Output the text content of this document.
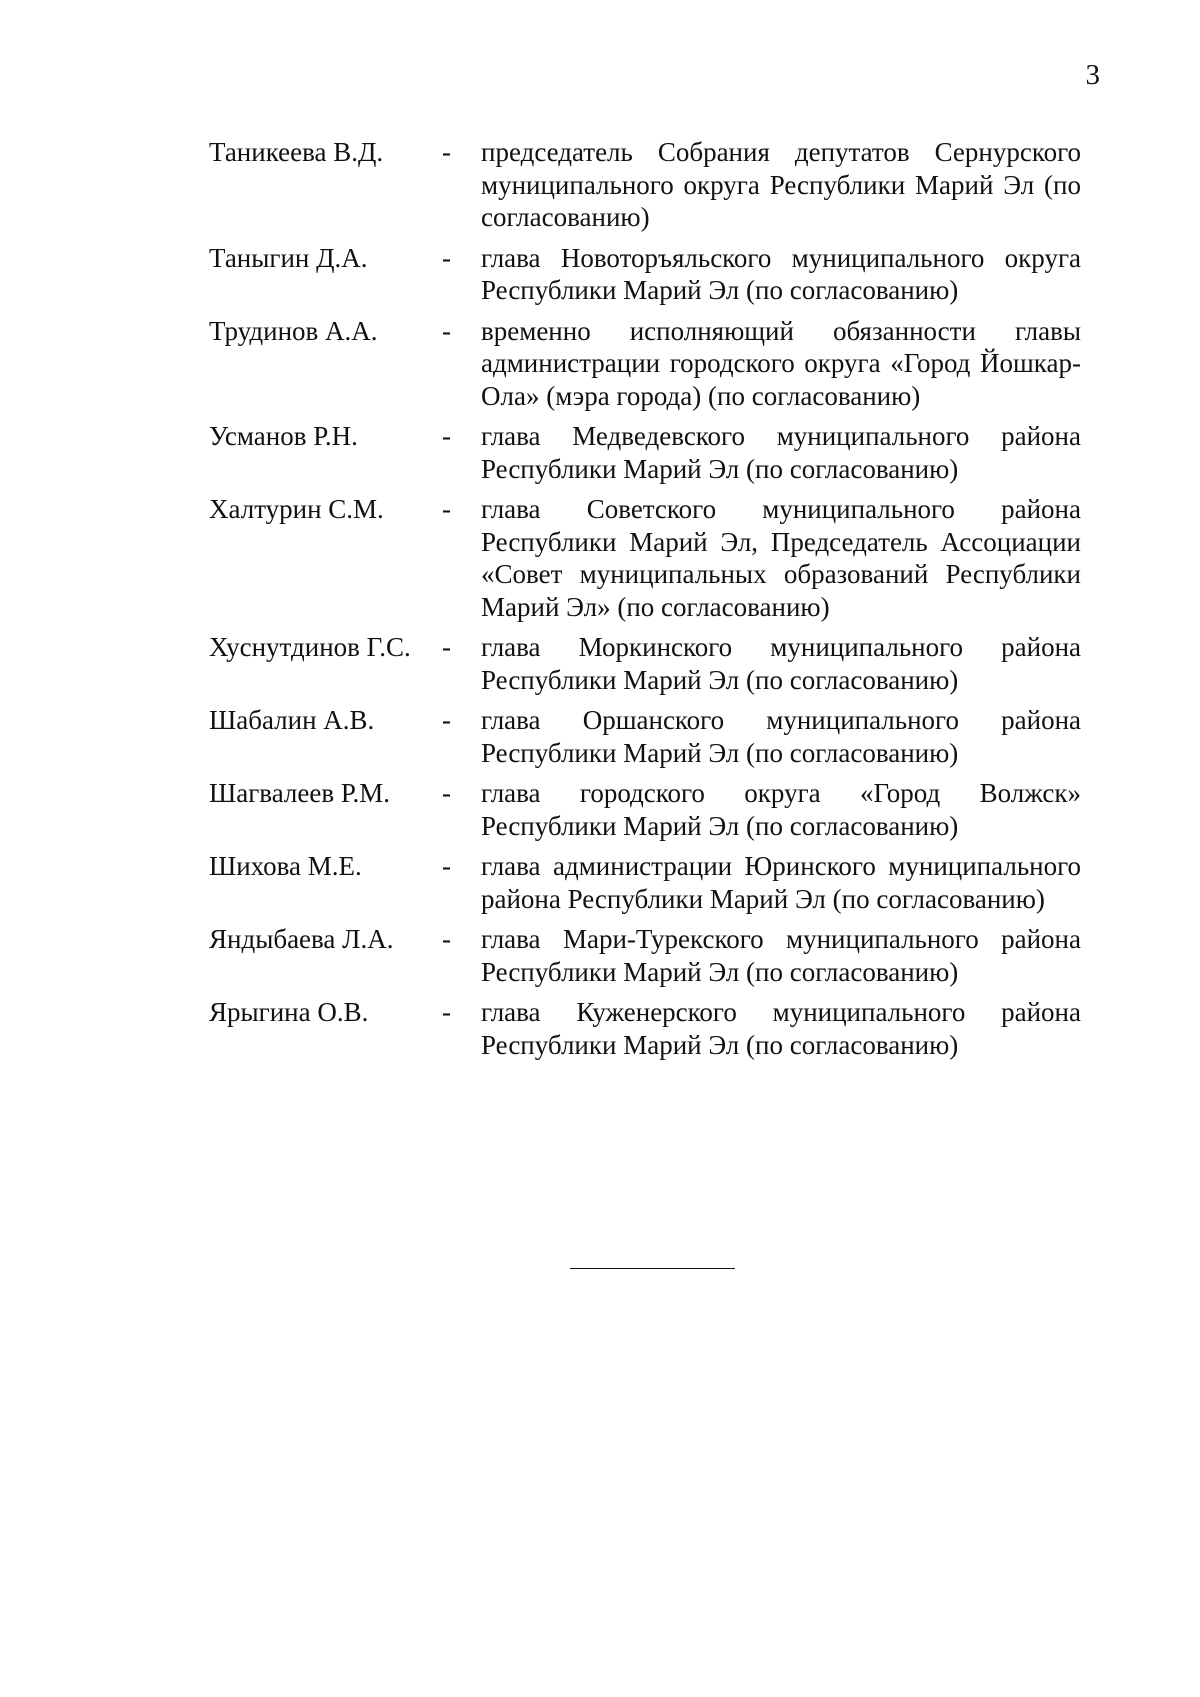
3
Таникеева В.Д. - председатель Собрания депутатов Сернурского муниципального округа Республики Марий Эл (по согласованию)
Таныгин Д.А.	- глава Новоторъяльского муниципального округа Республики Марий Эл (по согласованию)
Трудинов А.А. - временно исполняющий обязанности главы администрации городского округа «Город Йошкар-Ола» (мэра города) (по согласованию)
Усманов Р.Н.	- глава Медведевского муниципального района Республики Марий Эл (по согласованию)
Халтурин С.М. - глава Советского муниципального района Республики Марий Эл, Председатель Ассоциации «Совет муниципальных образований Республики Марий Эл» (по согласованию)
Хуснутдинов Г.С. - глава Моркинского муниципального района Республики Марий Эл (по согласованию)
Шабалин А.В.	- глава Оршанского муниципального района Республики Марий Эл (по согласованию)
Шагвалеев Р.М. - глава городского округа «Город Волжск» Республики Марий Эл (по согласованию)
Шихова М.Е.	- глава администрации Юринского муниципального района Республики Марий Эл (по согласованию)
Яндыбаева Л.А. - глава Мари-Турекского муниципального района Республики Марий Эл (по согласованию)
Ярыгина О.В.	- глава Куженерского муниципального района Республики Марий Эл (по согласованию)
